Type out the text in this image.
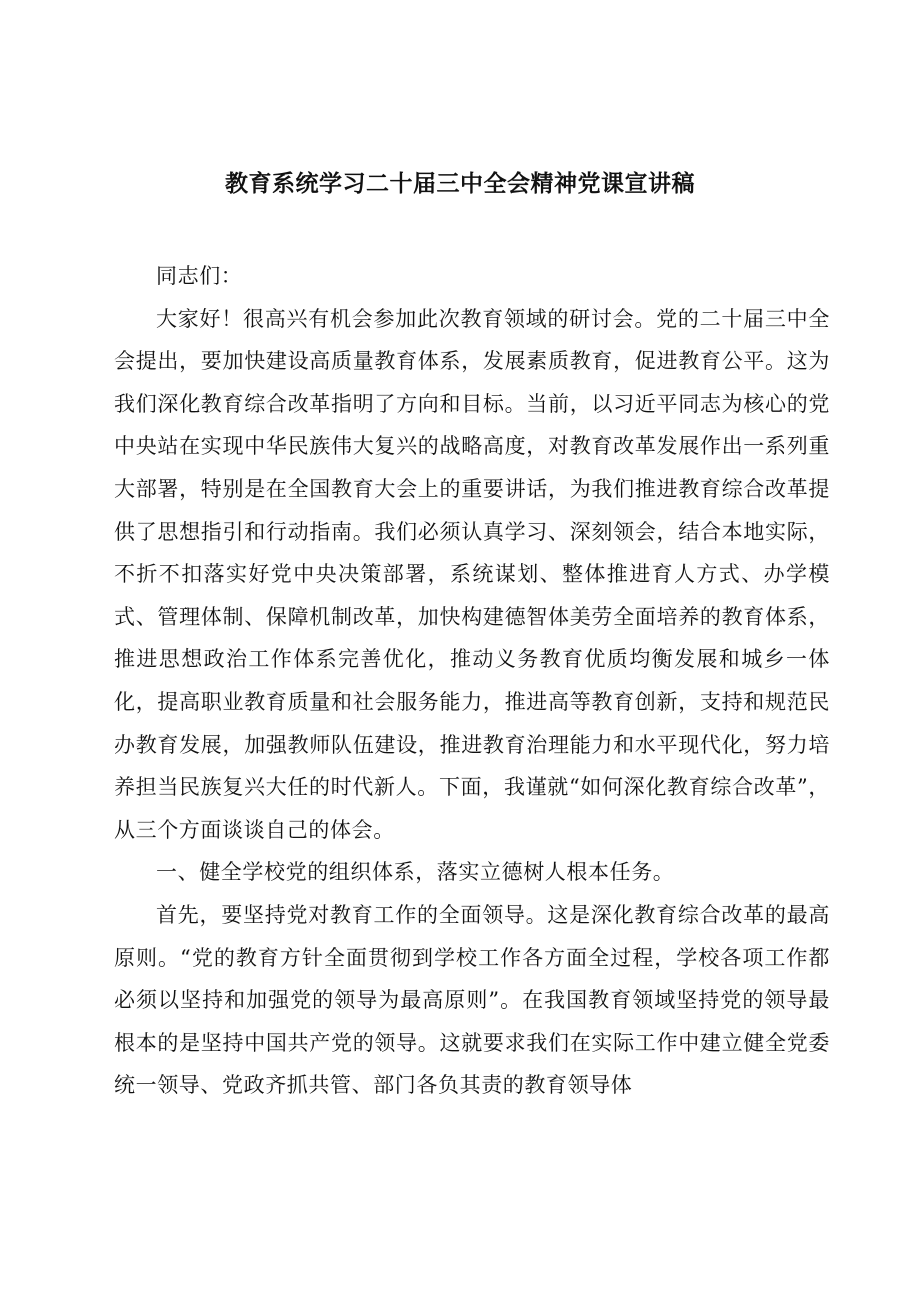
教育系统学习二十届三中全会精神党课宣讲稿

同志们：

大家好！很高兴有机会参加此次教育领域的研讨会。党的二十届三中全会提出，要加快建设高质量教育体系，发展素质教育，促进教育公平。这为我们深化教育综合改革指明了方向和目标。当前，以习近平同志为核心的党中央站在实现中华民族伟大复兴的战略高度，对教育改革发展作出一系列重大部署，特别是在全国教育大会上的重要讲话，为我们推进教育综合改革提供了思想指引和行动指南。我们必须认真学习、深刻领会，结合本地实际，不折不扣落实好党中央决策部署，系统谋划、整体推进育人方式、办学模式、管理体制、保障机制改革，加快构建德智体美劳全面培养的教育体系，推进思想政治工作体系完善优化，推动义务教育优质均衡发展和城乡一体化，提高职业教育质量和社会服务能力，推进高等教育创新，支持和规范民办教育发展，加强教师队伍建设，推进教育治理能力和水平现代化，努力培养担当民族复兴大任的时代新人。下面，我谨就“如何深化教育综合改革”，从三个方面谈谈自己的体会。

一、健全学校党的组织体系，落实立德树人根本任务。

首先，要坚持党对教育工作的全面领导。这是深化教育综合改革的最高原则。“党的教育方针全面贯彻到学校工作各方面全过程，学校各项工作都必须以坚持和加强党的领导为最高原则”。在我国教育领域坚持党的领导最根本的是坚持中国共产党的领导。这就要求我们在实际工作中建立健全党委统一领导、党政齐抓共管、部门各负其责的教育领导体
